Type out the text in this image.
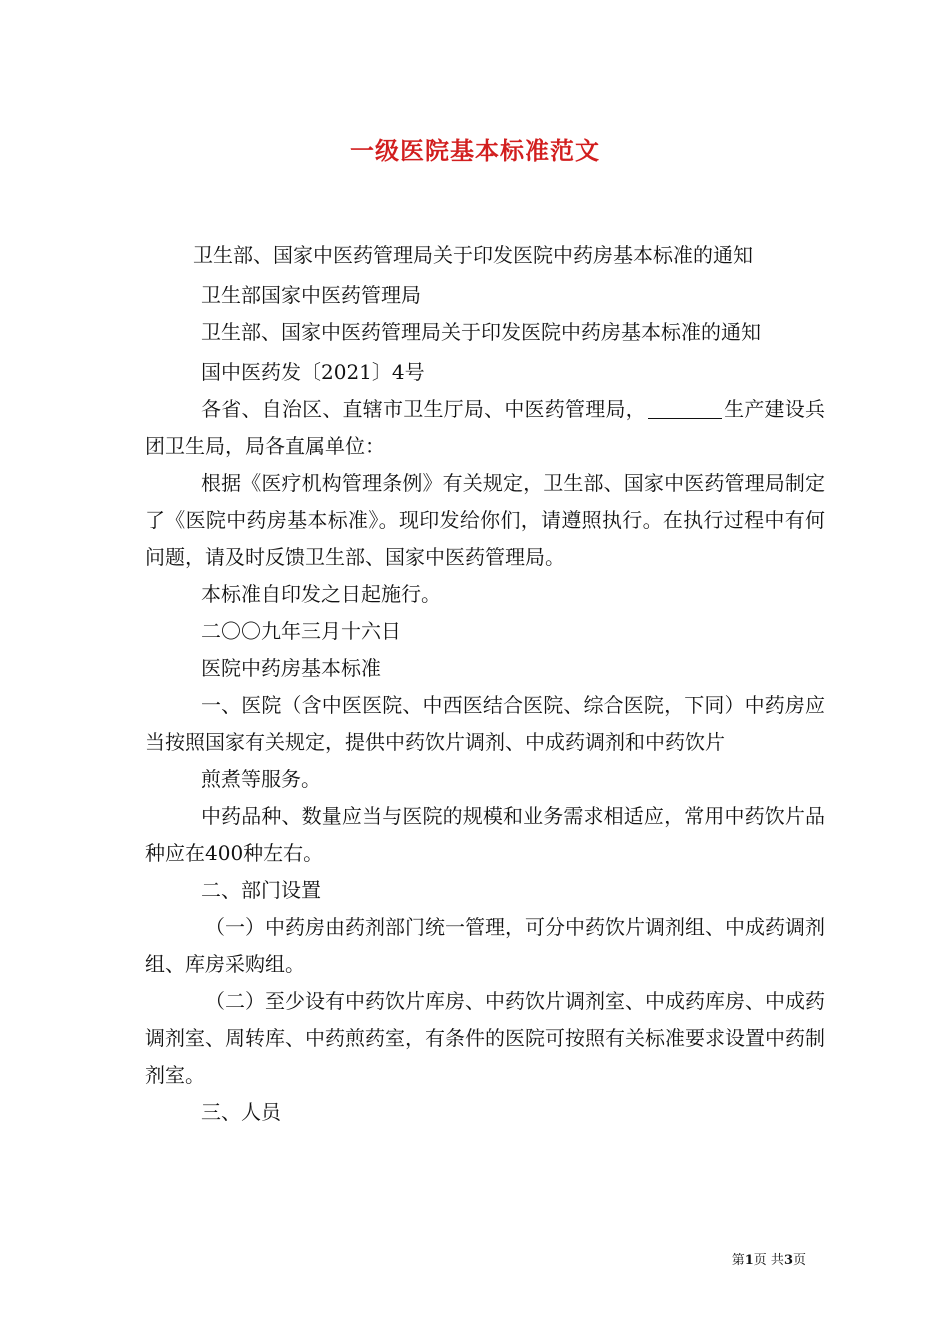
一级医院基本标准范文

卫生部、国家中医药管理局关于印发医院中药房基本标准的通知

卫生部国家中医药管理局

卫生部、国家中医药管理局关于印发医院中药房基本标准的通知

国中医药发〔2021〕4号

各省、自治区、直辖市卫生厅局、中医药管理局，	生产建设兵团卫生局，局各直属单位：

根据《医疗机构管理条例》有关规定，卫生部、国家中医药管理局制定了《医院中药房基本标准》。现印发给你们，请遵照执行。在执行过程中有何问题，请及时反馈卫生部、国家中医药管理局。

本标准自印发之日起施行。

二〇〇九年三月十六日

医院中药房基本标准

一、医院（含中医医院、中西医结合医院、综合医院，下同）中药房应当按照国家有关规定，提供中药饮片调剂、中成药调剂和中药饮片

煎煮等服务。

中药品种、数量应当与医院的规模和业务需求相适应，常用中药饮片品种应在400种左右。

二、部门设置

（一）中药房由药剂部门统一管理，可分中药饮片调剂组、中成药调剂组、库房采购组。

（二）至少设有中药饮片库房、中药饮片调剂室、中成药库房、中成药调剂室、周转库、中药煎药室，有条件的医院可按照有关标准要求设置中药制剂室。

三、人员

第1页 共3页
